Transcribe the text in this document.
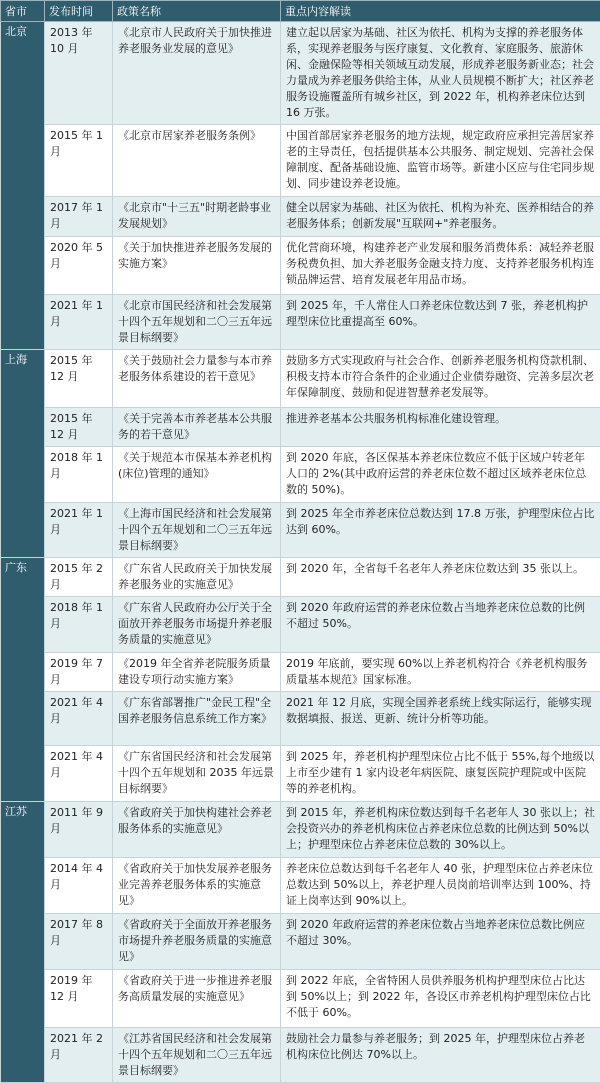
省市	发布时间	政策名称	重点内容解读
北京	2013 年 10 月	《北京市人民政府关于加快推进养老服务业发展的意见》	建立起以居家为基础、社区为依托、机构为支撑的养老服务体系，实现养老服务与医疗康复、文化教育、家庭服务、旅游休闲、金融保险等相关领域互动发展，形成养老服务新业态；社会力量成为养老服务供给主体，从业人员规模不断扩大；社区养老服务设施覆盖所有城乡社区，到 2022 年，机构养老床位达到 16 万张。
	2015 年 1 月	《北京市居家养老服务条例》	中国首部居家养老服务的地方法规，规定政府应承担完善居家养老的主导责任，包括提供基本公共服务、制定规划、完善社会保障制度、配备基础设施、监管市场等。新建小区应与住宅同步规划、同步建设养老设施。
	2017 年 1 月	《北京市"十三五"时期老龄事业发展规划》	健全以居家为基础、社区为依托、机构为补充、医养相结合的养老服务体系；创新发展"互联网+"养老服务。
	2020 年 5 月	《关于加快推进养老服务发展的实施方案》	优化营商环境，构建养老产业发展和服务消费体系：减轻养老服务税费负担、加大养老服务金融支持力度、支持养老服务机构连锁品牌运营、培育发展老年用品市场。
	2021 年 1 月	《北京市国民经济和社会发展第十四个五年规划和二〇三五年远景目标纲要》	到 2025 年，千人常住人口养老床位数达到 7 张，养老机构护理型床位比重提高至 60%。
上海	2015 年 12 月	《关于鼓励社会力量参与本市养老服务体系建设的若干意见》	鼓励多方式实现政府与社会合作、创新养老服务机构贷款机制、积极支持本市符合条件的企业通过企业债券融资、完善多层次老年保障制度、鼓励和促进智慧养老发展等。
	2015 年 12 月	《关于完善本市养老基本公共服务的若干意见》	推进养老基本公共服务机构标准化建设管理。
	2018 年 1 月	《关于规范本市保基本养老机构(床位)管理的通知》	到 2020 年底，各区保基本养老床位数应不低于区域户转老年人口的 2%(其中政府运营的养老床位数不超过区域养老床位总数的 50%)。
	2021 年 1 月	《上海市国民经济和社会发展第十四个五年规划和二〇三五年远景目标纲要》	到 2025 年全市养老床位总数达到 17.8 万张，护理型床位占比达到 60%。
广东	2015 年 2 月	《广东省人民政府关于加快发展养老服务业的实施意见》	到 2020 年，全省每千名老年人养老床位数达到 35 张以上。
	2018 年 1 月	《广东省人民政府办公厅关于全面放开养老服务市场提升养老服务质量的实施意见》	到 2020 年政府运营的养老床位数占当地养老床位总数的比例不超过 50%。
	2019 年 7 月	《2019 年全省养老院服务质量建设专项行动实施方案》	2019 年底前，要实现 60%以上养老机构符合《养老机构服务质量基本规范》国家标准。
	2021 年 4 月	《广东省部署推广"金民工程"全国养老服务信息系统工作方案》	2021 年 12 月底，实现全国养老系统上线实际运行，能够实现数据填报、报送、更新、统计分析等功能。
	2021 年 4 月	《广东省国民经济和社会发展第十四个五年规划和 2035 年远景目标纲要》	到 2025 年，养老机构护理型床位占比不低于 55%,每个地级以上市至少建有 1 家内设老年病医院、康复医院护理院或中医院等的养老机构。
江苏	2011 年 9 月	《省政府关于加快构建社会养老服务体系的实施意见》	到 2015 年，养老机构床位数达到每千名老年人 30 张以上；社会投资兴办的养老机构床位占养老床位总数的比例达到 50%以上；护理型床位占养老床位总数的 30%以上。
	2014 年 4 月	《省政府关于加快发展养老服务业完善养老服务体系的实施意见》	养老床位总数达到每千名老年人 40 张，护理型床位占养老床位总数达到 50%以上，养老护理人员岗前培训率达到 100%、持证上岗率达到 90%以上。
	2017 年 8 月	《省政府关于全面放开养老服务市场提升养老服务质量的实施意见》	到 2020 年政府运营的养老床位数占当地养老床位总数比例应不超过 30%。
	2019 年 12 月	《省政府关于进一步推进养老服务高质量发展的实施意见》	到 2022 年底，全省特困人员供养服务机构护理型床位占比达到 50%以上；到 2022 年，各设区市养老机构护理型床位占比不低于 60%。
	2021 年 2 月	《江苏省国民经济和社会发展第十四个五年规划和二〇三五年远景目标纲要》	鼓励社会力量参与养老服务；到 2025 年，护理型床位占养老机构床位比例达 70%以上。
